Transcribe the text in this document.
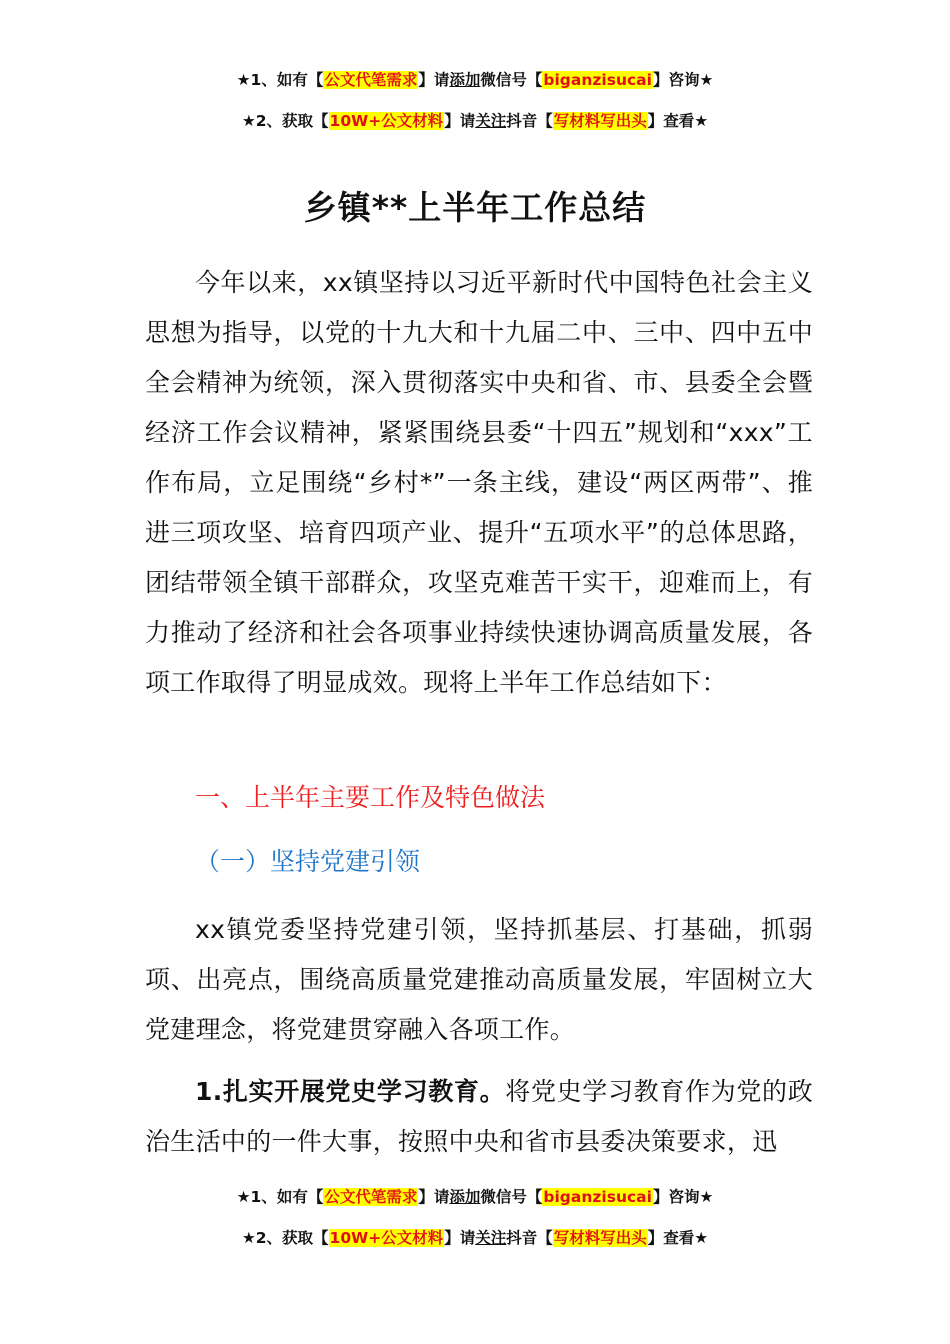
★1、如有【公文代笔需求】请添加微信号【biganzisucai】咨询★
★2、获取【10W+公文材料】请关注抖音【写材料写出头】查看★
乡镇**上半年工作总结

今年以来，xx镇坚持以习近平新时代中国特色社会主义思想为指导，以党的十九大和十九届二中、三中、四中五中全会精神为统领，深入贯彻落实中央和省、市、县委全会暨经济工作会议精神，紧紧围绕县委“十四五”规划和“xxx”工作布局，立足围绕“乡村*”一条主线，建设“两区两带”、推进三项攻坚、培育四项产业、提升“五项水平”的总体思路，团结带领全镇干部群众，攻坚克难苦干实干，迎难而上，有力推动了经济和社会各项事业持续快速协调高质量发展，各项工作取得了明显成效。现将上半年工作总结如下：

一、上半年主要工作及特色做法
（一）坚持党建引领

xx镇党委坚持党建引领，坚持抓基层、打基础，抓弱项、出亮点，围绕高质量党建推动高质量发展，牢固树立大党建理念，将党建贯穿融入各项工作。

1.扎实开展党史学习教育。将党史学习教育作为党的政治生活中的一件大事，按照中央和省市县委决策要求，迅

★1、如有【公文代笔需求】请添加微信号【biganzisucai】咨询★
★2、获取【10W+公文材料】请关注抖音【写材料写出头】查看★
